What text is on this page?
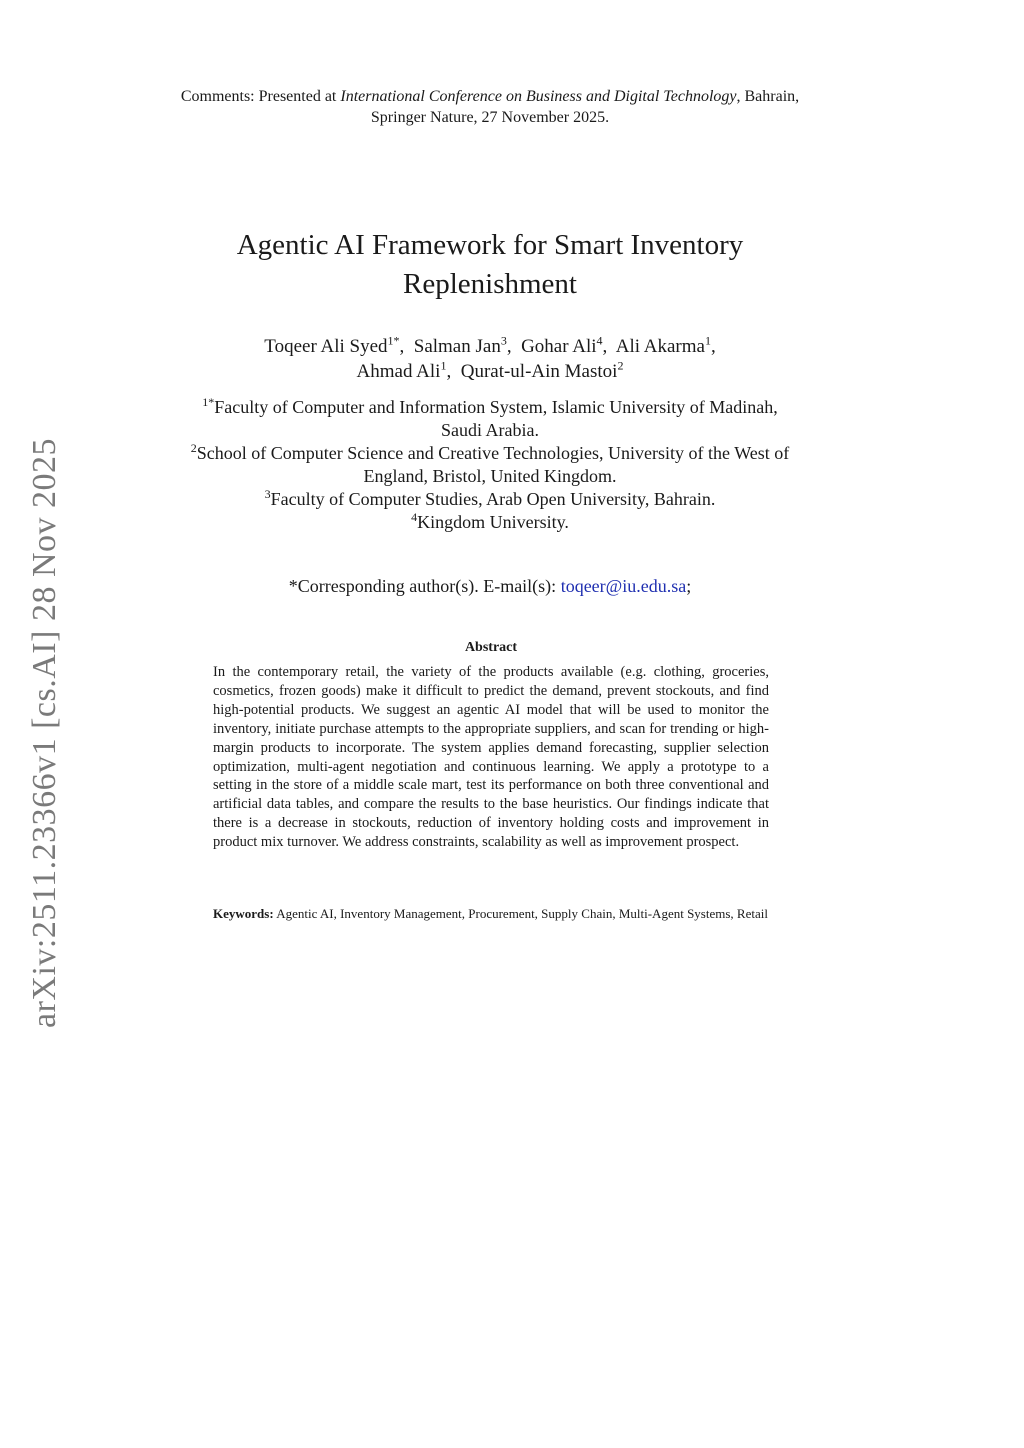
arXiv:2511.23366v1 [cs.AI] 28 Nov 2025
Comments: Presented at International Conference on Business and Digital Technology, Bahrain, Springer Nature, 27 November 2025.
Agentic AI Framework for Smart Inventory
Replenishment
Toqeer Ali Syed$^{1*}$,  Salman Jan$^3$,  Gohar Ali$^4$,  Ali Akarma$^1$,
Ahmad Ali$^1$,  Qurat-ul-Ain Mastoi$^2$
$^{1*}$Faculty of Computer and Information System, Islamic University of Madinah, Saudi Arabia.
$^2$School of Computer Science and Creative Technologies, University of the West of England, Bristol, United Kingdom.
$^3$Faculty of Computer Studies, Arab Open University, Bahrain.
$^4$Kingdom University.
*Corresponding author(s). E-mail(s): toqeer@iu.edu.sa;
Abstract
In the contemporary retail, the variety of the products available (e.g. clothing, groceries, cosmetics, frozen goods) make it difficult to predict the demand, prevent stockouts, and find high-potential products. We suggest an agentic AI model that will be used to monitor the inventory, initiate purchase attempts to the appropriate suppliers, and scan for trending or high-margin products to incorporate. The system applies demand forecasting, supplier selection optimization, multi-agent negotiation and continuous learning. We apply a prototype to a setting in the store of a middle scale mart, test its performance on both three conventional and artificial data tables, and compare the results to the base heuristics. Our findings indicate that there is a decrease in stockouts, reduction of inventory holding costs and improvement in product mix turnover. We address constraints, scalability as well as improvement prospect.
Keywords: Agentic AI, Inventory Management, Procurement, Supply Chain, Multi-Agent Systems, Retail
